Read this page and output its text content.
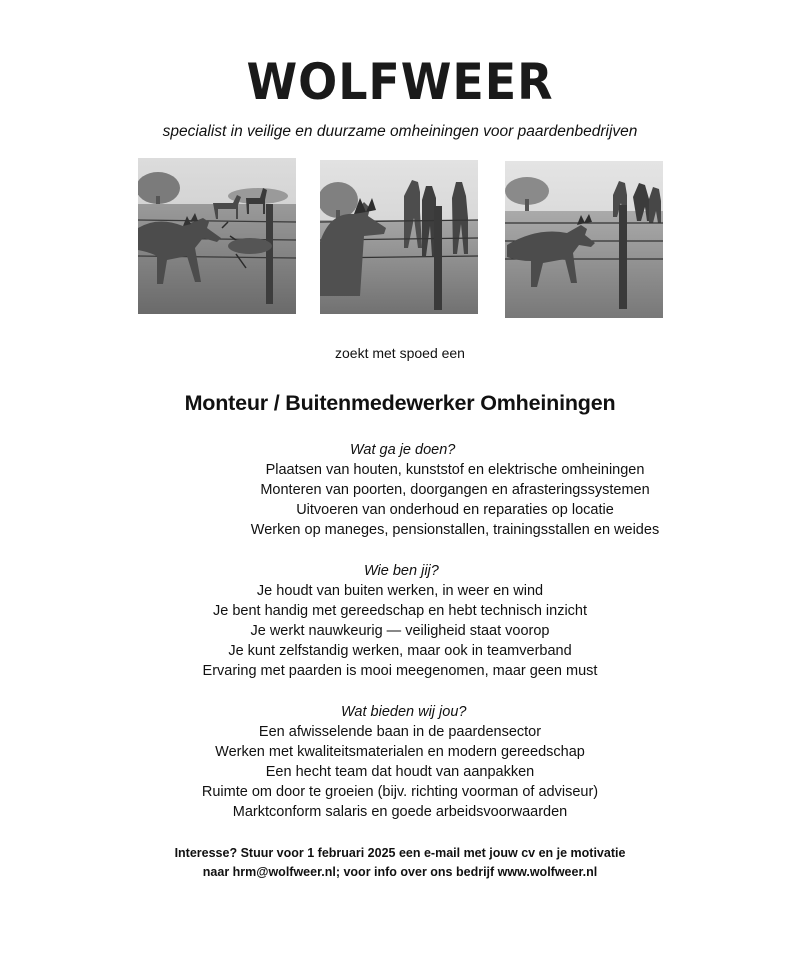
WOLFWEER
specialist in veilige en duurzame omheiningen voor paardenbedrijven
zoekt met spoed een
Monteur / Buitenmedewerker Omheiningen
Wat ga je doen?
Plaatsen van houten, kunststof en elektrische omheiningen
Monteren van poorten, doorgangen en afrasteringssystemen
Uitvoeren van onderhoud en reparaties op locatie
Werken op maneges, pensionstallen, trainingsstallen en weides
Wie ben jij?
Je houdt van buiten werken, in weer en wind
Je bent handig met gereedschap en hebt technisch inzicht
Je werkt nauwkeurig — veiligheid staat voorop
Je kunt zelfstandig werken, maar ook in teamverband
Ervaring met paarden is mooi meegenomen, maar geen must
Wat bieden wij jou?
Een afwisselende baan in de paardensector
Werken met kwaliteitsmaterialen en modern gereedschap
Een hecht team dat houdt van aanpakken
Ruimte om door te groeien (bijv. richting voorman of adviseur)
Marktconform salaris en goede arbeidsvoorwaarden
Interesse? Stuur voor 1 februari 2025 een e-mail met jouw cv en je motivatie
naar hrm@wolfweer.nl; voor info over ons bedrijf www.wolfweer.nl
